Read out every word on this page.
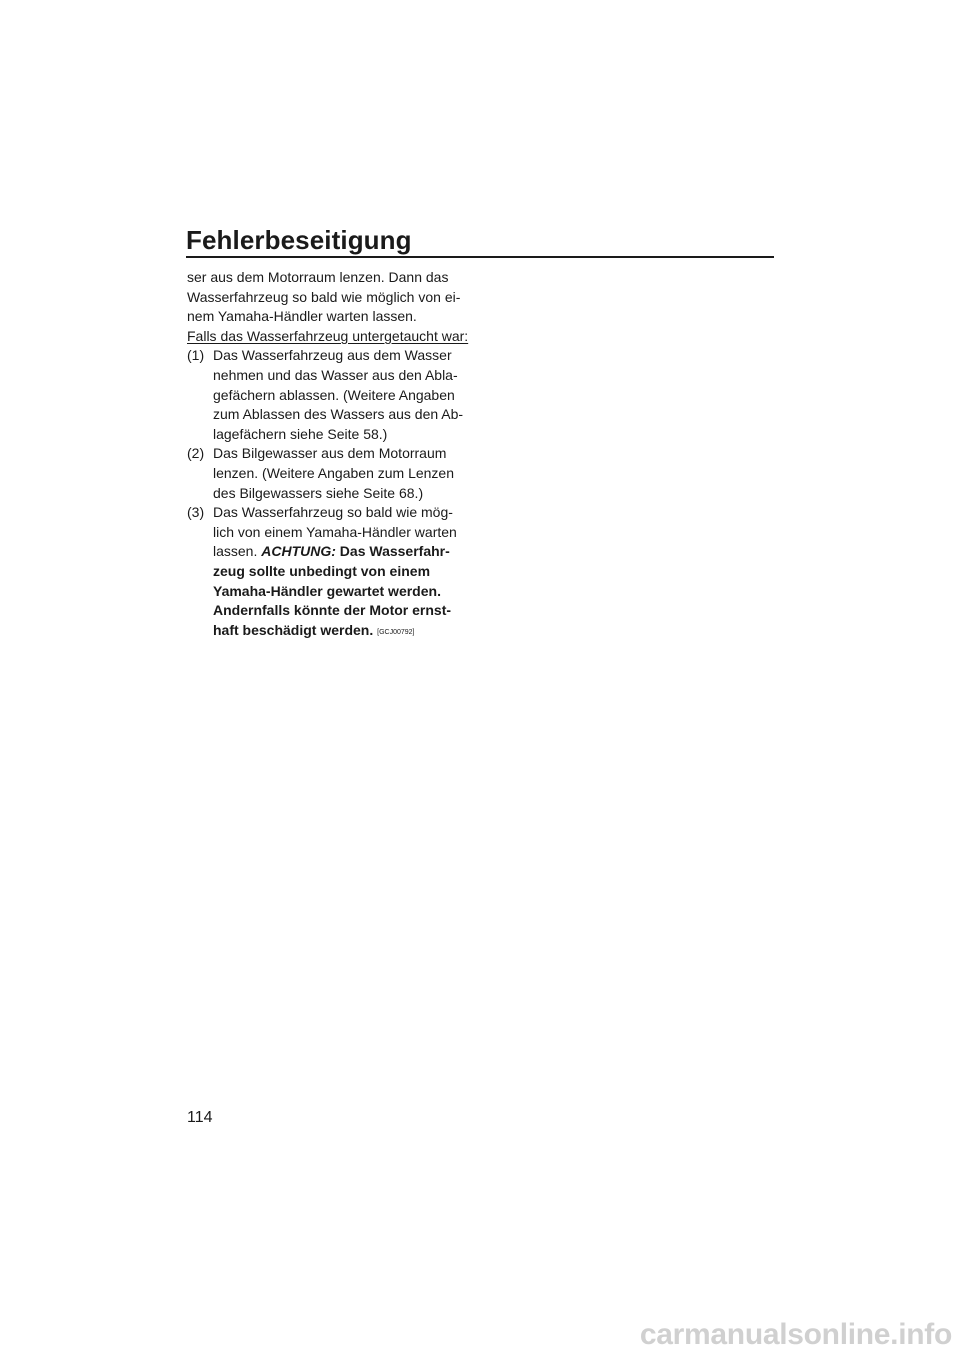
Fehlerbeseitigung

ser aus dem Motorraum lenzen. Dann das
Wasserfahrzeug so bald wie möglich von ei-
nem Yamaha-Händler warten lassen.

Falls das Wasserfahrzeug untergetaucht war:

(1) Das Wasserfahrzeug aus dem Wasser
nehmen und das Wasser aus den Abla-
gefächern ablassen. (Weitere Angaben
zum Ablassen des Wassers aus den Ab-
lagefächern siehe Seite 58.)
(2) Das Bilgewasser aus dem Motorraum
lenzen. (Weitere Angaben zum Lenzen
des Bilgewassers siehe Seite 68.)
(3) Das Wasserfahrzeug so bald wie mög-
lich von einem Yamaha-Händler warten
lassen. ACHTUNG: Das Wasserfahr-
zeug sollte unbedingt von einem
Yamaha-Händler gewartet werden.
Andernfalls könnte der Motor ernst-
haft beschädigt werden. [GCJ00792]
114
carmanualsonline.info
